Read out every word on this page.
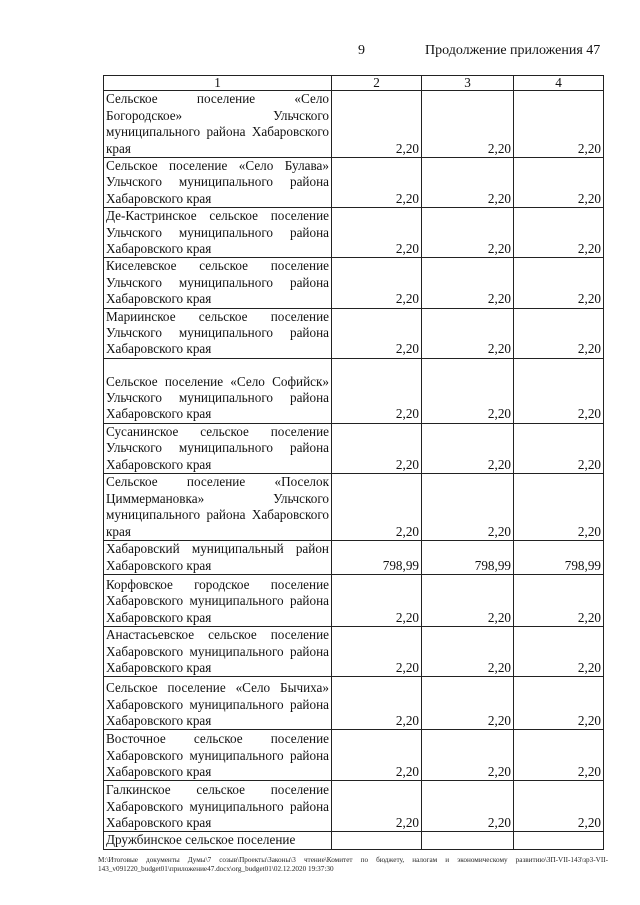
9	Продолжение приложения 47
1	2	3	4
Сельское поселение «Село Богородское» Ульчского муниципального района Хабаровского края	2,20	2,20	2,20
Сельское поселение «Село Булава» Ульчского муниципального района Хабаровского края	2,20	2,20	2,20
Де-Кастринское сельское поселение Ульчского муниципального района Хабаровского края	2,20	2,20	2,20
Киселевское сельское поселение Ульчского муниципального района Хабаровского края	2,20	2,20	2,20
Мариинское сельское поселение Ульчского муниципального района Хабаровского края	2,20	2,20	2,20
Сельское поселение «Село Софийск» Ульчского муниципального района Хабаровского края	2,20	2,20	2,20
Сусанинское сельское поселение Ульчского муниципального района Хабаровского края	2,20	2,20	2,20
Сельское поселение «Поселок Циммермановка» Ульчского муниципального района Хабаровского края	2,20	2,20	2,20
Хабаровский муниципальный район Хабаровского края	798,99	798,99	798,99
Корфовское городское поселение Хабаровского муниципального района Хабаровского края	2,20	2,20	2,20
Анастасьевское сельское поселение Хабаровского муниципального района Хабаровского края	2,20	2,20	2,20
Сельское поселение «Село Бычиха» Хабаровского муниципального района Хабаровского края	2,20	2,20	2,20
Восточное сельское поселение Хабаровского муниципального района Хабаровского края	2,20	2,20	2,20
Галкинское сельское поселение Хабаровского муниципального района Хабаровского края	2,20	2,20	2,20
Дружбинское сельское поселение			
M:\Итоговые документы Думы\7 созыв\Проекты\Законы\3 чтение\Комитет по бюджету, налогам и экономическому развитию\ЗП-VII-143\зр3-VII-143_v091220_budget01\приложение47.docx\org_budget01\02.12.2020 19:37:30
